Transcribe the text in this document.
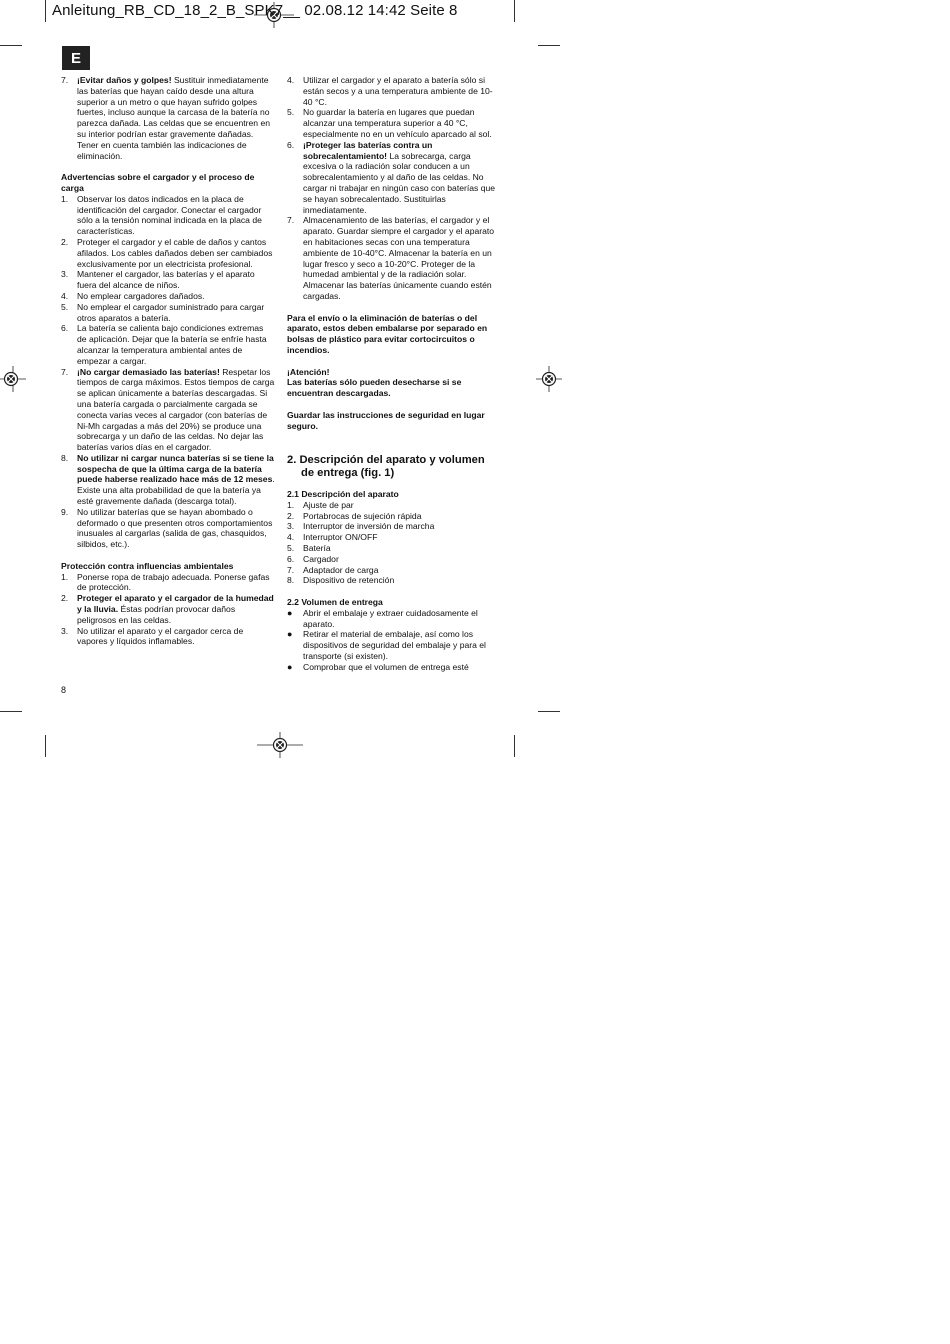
Anleitung_RB_CD_18_2_B_SPK7__ 02.08.12 14:42 Seite 8
E
7. ¡Evitar daños y golpes! Sustituir inmediatamente las baterías que hayan caído desde una altura superior a un metro o que hayan sufrido golpes fuertes, incluso aunque la carcasa de la batería no parezca dañada. Las celdas que se encuentren en su interior podrían estar gravemente dañadas. Tener en cuenta también las indicaciones de eliminación.

Advertencias sobre el cargador y el proceso de carga

1. Observar los datos indicados en la placa de identificación del cargador. Conectar el cargador sólo a la tensión nominal indicada en la placa de características.
2. Proteger el cargador y el cable de daños y cantos afilados. Los cables dañados deben ser cambiados exclusivamente por un electricista profesional.
3. Mantener el cargador, las baterías y el aparato fuera del alcance de niños.
4. No emplear cargadores dañados.
5. No emplear el cargador suministrado para cargar otros aparatos a batería.
6. La batería se calienta bajo condiciones extremas de aplicación. Dejar que la batería se enfríe hasta alcanzar la temperatura ambiental antes de empezar a cargar.
7. ¡No cargar demasiado las baterías! Respetar los tiempos de carga máximos. Estos tiempos de carga se aplican únicamente a baterías descargadas. Si una batería cargada o parcialmente cargada se conecta varias veces al cargador (con baterías de Ni-Mh cargadas a más del 20%) se produce una sobrecarga y un daño de las celdas. No dejar las baterías varios días en el cargador.
8. No utilizar ni cargar nunca baterías si se tiene la sospecha de que la última carga de la batería puede haberse realizado hace más de 12 meses. Existe una alta probabilidad de que la batería ya esté gravemente dañada (descarga total).
9. No utilizar baterías que se hayan abombado o deformado o que presenten otros comportamientos inusuales al cargarlas (salida de gas, chasquidos, silbidos, etc.).

Protección contra influencias ambientales

1. Ponerse ropa de trabajo adecuada. Ponerse gafas de protección.
2. Proteger el aparato y el cargador de la humedad y la lluvia. Éstas podrían provocar daños peligrosos en las celdas.
3. No utilizar el aparato y el cargador cerca de vapores y líquidos inflamables.
4. Utilizar el cargador y el aparato a batería sólo si están secos y a una temperatura ambiente de 10-40 °C.
5. No guardar la batería en lugares que puedan alcanzar una temperatura superior a 40 °C, especialmente no en un vehículo aparcado al sol.
6. ¡Proteger las baterías contra un sobrecalentamiento! La sobrecarga, carga excesiva o la radiación solar conducen a un sobrecalentamiento y al daño de las celdas. No cargar ni trabajar en ningún caso con baterías que se hayan sobrecalentado. Sustituirlas inmediatamente.
7. Almacenamiento de las baterías, el cargador y el aparato. Guardar siempre el cargador y el aparato en habitaciones secas con una temperatura ambiente de 10-40°C. Almacenar la batería en un lugar fresco y seco a 10-20°C. Proteger de la humedad ambiental y de la radiación solar. Almacenar las baterías únicamente cuando estén cargadas.

Para el envío o la eliminación de baterías o del aparato, estos deben embalarse por separado en bolsas de plástico para evitar cortocircuitos o incendios.

¡Atención!

Las baterías sólo pueden desecharse si se encuentran descargadas.

Guardar las instrucciones de seguridad en lugar seguro.

2. Descripción del aparato y volumen
de entrega (fig. 1)

2.1 Descripción del aparato

1. Ajuste de par
2. Portabrocas de sujeción rápida
3. Interruptor de inversión de marcha
4. Interruptor ON/OFF
5. Batería
6. Cargador
7. Adaptador de carga
8. Dispositivo de retención

2.2 Volumen de entrega

● Abrir el embalaje y extraer cuidadosamente el aparato.
● Retirar el material de embalaje, así como los dispositivos de seguridad del embalaje y para el transporte (si existen).
● Comprobar que el volumen de entrega esté
8
